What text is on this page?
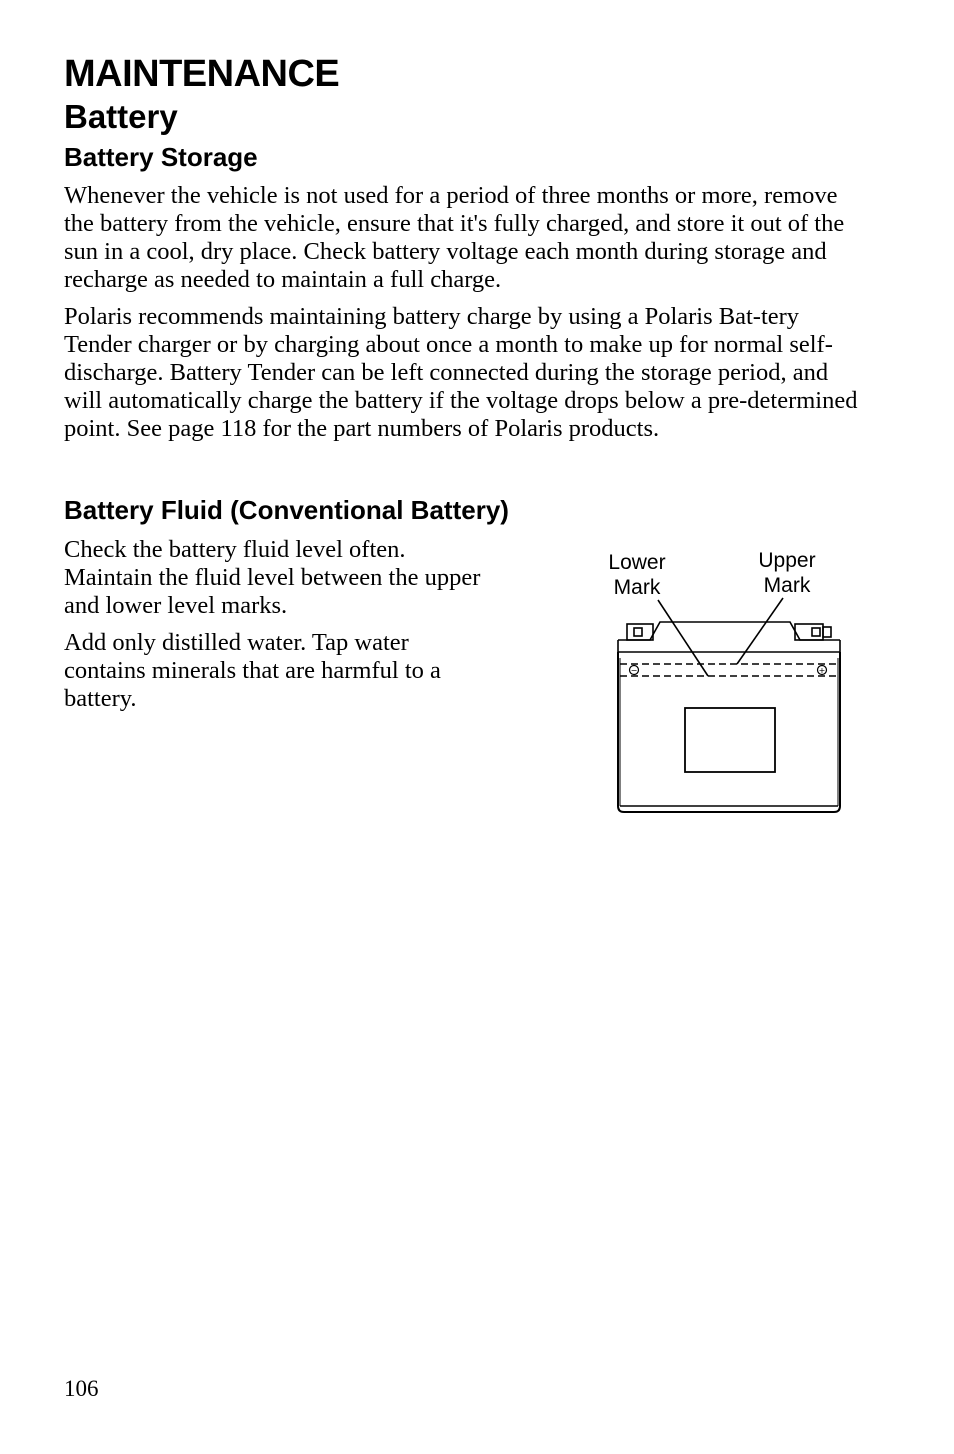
MAINTENANCE
Battery
Battery Storage

Whenever the vehicle is not used for a period of three months or more, remove the battery from the vehicle, ensure that it's fully charged, and store it out of the sun in a cool, dry place. Check battery voltage each month during storage and recharge as needed to maintain a full charge.

Polaris recommends maintaining battery charge by using a Polaris Bat-tery Tender charger or by charging about once a month to make up for normal self-discharge. Battery Tender can be left connected during the storage period, and will automatically charge the battery if the voltage drops below a pre-determined point. See page 118 for the part numbers of Polaris products.

Battery Fluid (Conventional Battery)

Check the battery fluid level often. Maintain the fluid level between the upper and lower level marks.

Add only distilled water. Tap water contains minerals that are harmful to a battery.

Lower
Mark
Upper
Mark
−	+

106
